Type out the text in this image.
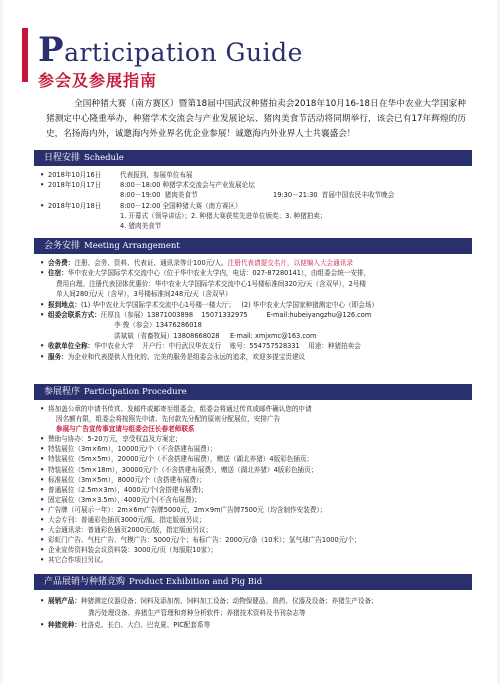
Participation Guide
参会及参展指南
全国种猪大赛（南方赛区）暨第18届中国武汉种猪拍卖会2018年10月16-18日在华中农业大学国家种猪测定中心隆重举办，种猪学术交流会与产业发展论坛、猪肉美食节活动将同期举行，该会已有17年辉煌的历史，名扬海内外，诚邀海内外业界名优企业参展！诚邀海内外业界人士共襄盛会！
日程安排 Schedule
• 2018年10月16日	代表报到，参展单位布展
• 2018年10月17日	8:00－18:00 种猪学术交流会与产业发展论坛
8:00－19:00  猪肉美食节                                    19:30－21:30  首届中国农民丰收节晚会
• 2018年10月18日	8:00－12:00 全国种猪大赛（南方赛区）
1. 开幕式（领导讲话）；2. 种猪大赛获奖先进单位颁奖；3. 种猪拍卖；
4. 猪肉美食节
会务安排 Meeting Arrangement
• 会务费：注册、会务、资料、代表证、通讯录等计100元/人。注册代表请提交名片，以便编入大会通讯录
• 住宿：华中农业大学国际学术交流中心（位于华中农业大学内，电话：027-87280141），由组委会统一安排，
费用自理。注册代表団体优惠价：华中农业大学国际学术交流中心1号楼标准间320元/天（含双早），2号楼
单人间280元/天（含早），3号楼标准间248元/天（含双早）
• 报到地点：(1) 华中农业大学国际学术交流中心1号楼一楼大厅；   (2) 华中农业大学国家种猪测定中心（即会场）
• 组委会联系方式：汪厚良（参展）13871003898    15071332975         E-mail:hubeiyangzhu@126.com
李 俊（参会）13476286018
洪斌斌（省畜牧局）13808668028     E-mail: xmjxmc@163.com
• 收款单位全称：华中农业大学    开户行：中行武汉华农支行    账号：554757528331    用途：种猪拍卖会
• 服务：为企业和代表提供人性化的、完美的服务是组委会永远的追求，欢迎多提宝贵建议
参展程序 Participation Procedure
• 将加盖公章的申请书传真、发邮件或邮寄至组委会，组委会将通过传真或邮件确认您的申请
因名额有限，组委会将按照先申请、先付款先分配的原则分配展位，安排广告
参展与广告宣传事宜请与组委会汪长春老师联系
• 赞助与协办：5-20万元，享受权益及方案定；
• 特装展位（3m×6m），10000元/个（不含搭建布展费）；
• 特装展位（5m×5m），20000元/个（不含搭建布展费），赠送（湖北养猪）4版彩色插页；
• 特装展位（5m×18m），30000元/个（不含搭建布展费），赠送（湖北养猪）4版彩色插页；
• 标准展位（3m×5m），8000元/个（含搭建布展费）；
• 普通展位（2.5m×3m），4000元/个(含搭建布展费)；
• 固定展位（3m×3.5m），4000元/个(不含布展费)；
• 广告牌（可展示一年）：2m×6m广告牌5000元，2m×9m广告牌7500元（均含制作安装费）；
• 大会专刊：普通彩色插页3000元/版，指定版面另议；
• 大会通讯录：普通彩色插页2000元/版，指定版面另议；
• 彩虹门广告、气柱广告、气模广告：5000元/个；布标广告：2000元/条（10米）；氢气球广告1000元/个；
• 企业宣传资料装会议资料袋：3000元/页（每版限10家）；
• 其它合作项目另议。
产品展销与种猪竞购 Product Exhibition and Pig Bid
• 展销产品：种猪测定仪器设备；饲料及添加剂、饲料加工设备；动物保健品、兽药、仪器及设备；养猪生产设备；
粪污处理设备、养猪生产管理和育种分析软件；养猪技术资料及书刊杂志等
• 种猪竞种：杜洛克、长白、大白、巴克夏、PIC配套系等
